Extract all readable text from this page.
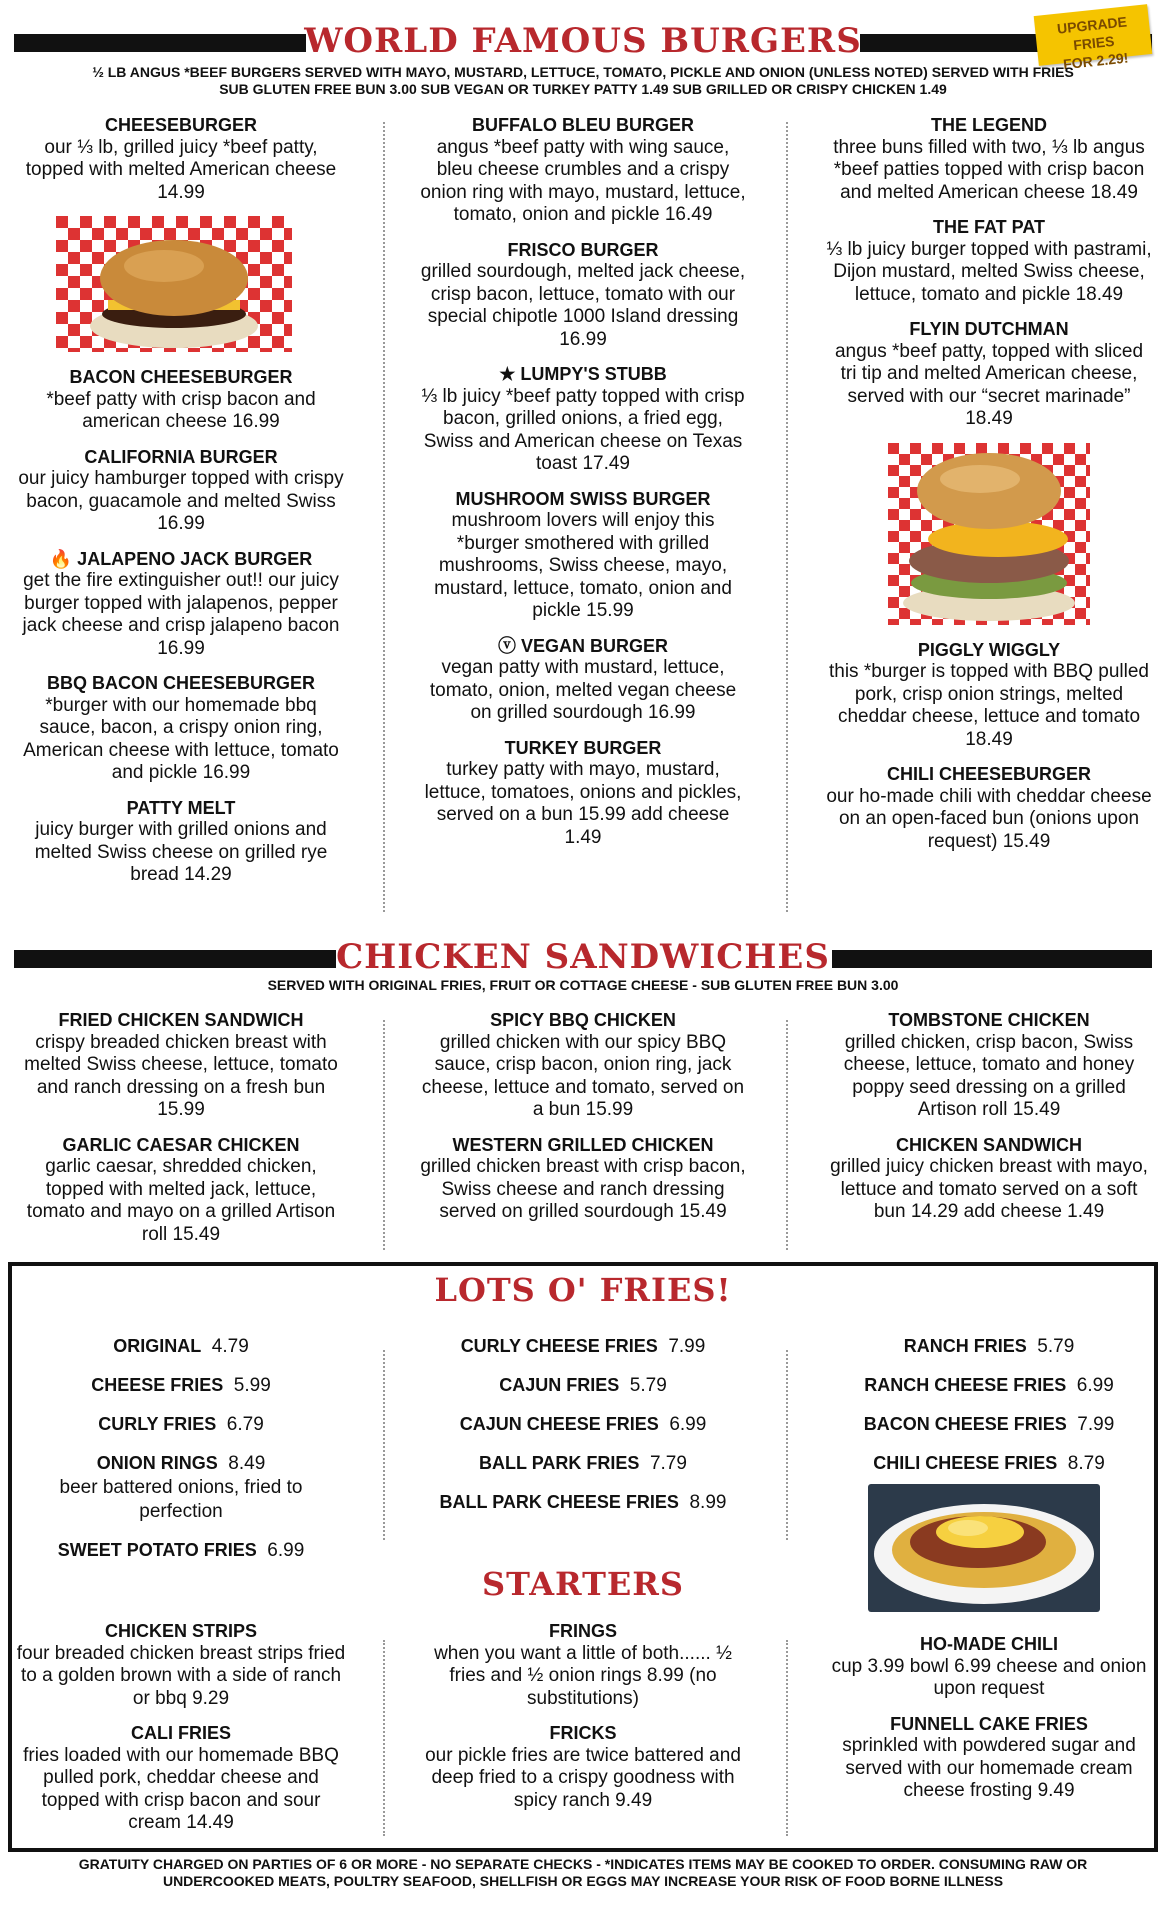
WORLD FAMOUS BURGERS	UPGRADE FRIES
FOR 2.29!
½ LB ANGUS *BEEF BURGERS SERVED WITH MAYO, MUSTARD, LETTUCE, TOMATO, PICKLE AND ONION (UNLESS NOTED) SERVED WITH FRIES
SUB GLUTEN FREE BUN 3.00 SUB VEGAN OR TURKEY PATTY 1.49 SUB GRILLED OR CRISPY CHICKEN 1.49
CHEESEBURGER
our ⅓ lb, grilled juicy *beef patty, topped with melted American cheese 14.99
BACON CHEESEBURGER
*beef patty with crisp bacon and american cheese 16.99
CALIFORNIA BURGER
our juicy hamburger topped with crispy bacon, guacamole and melted Swiss 16.99
🔥 JALAPENO JACK BURGER
get the fire extinguisher out!! our juicy burger topped with jalapenos, pepper jack cheese and crisp jalapeno bacon 16.99
BBQ BACON CHEESEBURGER
*burger with our homemade bbq sauce, bacon, a crispy onion ring, American cheese with lettuce, tomato and pickle 16.99
PATTY MELT
juicy burger with grilled onions and melted Swiss cheese on grilled rye bread 14.29
BUFFALO BLEU BURGER
angus *beef patty with wing sauce, bleu cheese crumbles and a crispy onion ring with mayo, mustard, lettuce, tomato, onion and pickle 16.49
FRISCO BURGER
grilled sourdough, melted jack cheese, crisp bacon, lettuce, tomato with our special chipotle 1000 Island dressing 16.99
★ LUMPY'S STUBB
⅓ lb juicy *beef patty topped with crisp bacon, grilled onions, a fried egg, Swiss and American cheese on Texas toast 17.49
MUSHROOM SWISS BURGER
mushroom lovers will enjoy this *burger smothered with grilled mushrooms, Swiss cheese, mayo, mustard, lettuce, tomato, onion and pickle 15.99
ⓥ VEGAN BURGER
vegan patty with mustard, lettuce, tomato, onion, melted vegan cheese on grilled sourdough 16.99
TURKEY BURGER
turkey patty with mayo, mustard, lettuce, tomatoes, onions and pickles, served on a bun 15.99 add cheese 1.49
THE LEGEND
three buns filled with two, ⅓ lb angus *beef patties topped with crisp bacon and melted American cheese 18.49
THE FAT PAT
⅓ lb juicy burger topped with pastrami, Dijon mustard, melted Swiss cheese, lettuce, tomato and pickle 18.49
FLYIN DUTCHMAN
angus *beef patty, topped with sliced tri tip and melted American cheese, served with our “secret marinade” 18.49
PIGGLY WIGGLY
this *burger is topped with BBQ pulled pork, crisp onion strings, melted cheddar cheese, lettuce and tomato 18.49
CHILI CHEESEBURGER
our ho-made chili with cheddar cheese on an open-faced bun (onions upon request) 15.49
CHICKEN SANDWICHES
SERVED WITH ORIGINAL FRIES, FRUIT OR COTTAGE CHEESE - SUB GLUTEN FREE BUN 3.00
FRIED CHICKEN SANDWICH
crispy breaded chicken breast with melted Swiss cheese, lettuce, tomato and ranch dressing on a fresh bun 15.99
GARLIC CAESAR CHICKEN
garlic caesar, shredded chicken, topped with melted jack, lettuce, tomato and mayo on a grilled Artison roll 15.49
SPICY BBQ CHICKEN
grilled chicken with our spicy BBQ sauce, crisp bacon, onion ring, jack cheese, lettuce and tomato, served on a bun 15.99
WESTERN GRILLED CHICKEN
grilled chicken breast with crisp bacon, Swiss cheese and ranch dressing served on grilled sourdough 15.49
TOMBSTONE CHICKEN
grilled chicken, crisp bacon, Swiss cheese, lettuce, tomato and honey poppy seed dressing on a grilled Artison roll 15.49
CHICKEN SANDWICH
grilled juicy chicken breast with mayo, lettuce and tomato served on a soft bun 14.29 add cheese 1.49
LOTS O' FRIES!
ORIGINAL 4.79
CHEESE FRIES 5.99
CURLY FRIES 6.79
ONION RINGS 8.49
beer battered onions, fried to perfection
SWEET POTATO FRIES 6.99
CURLY CHEESE FRIES 7.99
CAJUN FRIES 5.79
CAJUN CHEESE FRIES 6.99
BALL PARK FRIES 7.79
BALL PARK CHEESE FRIES 8.99
RANCH FRIES 5.79
RANCH CHEESE FRIES 6.99
BACON CHEESE FRIES 7.99
CHILI CHEESE FRIES 8.79
STARTERS
CHICKEN STRIPS
four breaded chicken breast strips fried to a golden brown with a side of ranch or bbq 9.29
CALI FRIES
fries loaded with our homemade BBQ pulled pork, cheddar cheese and topped with crisp bacon and sour cream 14.49
FRINGS
when you want a little of both...... ½ fries and ½ onion rings 8.99 (no substitutions)
FRICKS
our pickle fries are twice battered and deep fried to a crispy goodness with spicy ranch 9.49
HO-MADE CHILI
cup 3.99 bowl 6.99 cheese and onion upon request
FUNNELL CAKE FRIES
sprinkled with powdered sugar and served with our homemade cream cheese frosting 9.49
GRATUITY CHARGED ON PARTIES OF 6 OR MORE - NO SEPARATE CHECKS - *INDICATES ITEMS MAY BE COOKED TO ORDER. CONSUMING RAW OR
UNDERCOOKED MEATS, POULTRY SEAFOOD, SHELLFISH OR EGGS MAY INCREASE YOUR RISK OF FOOD BORNE ILLNESS
